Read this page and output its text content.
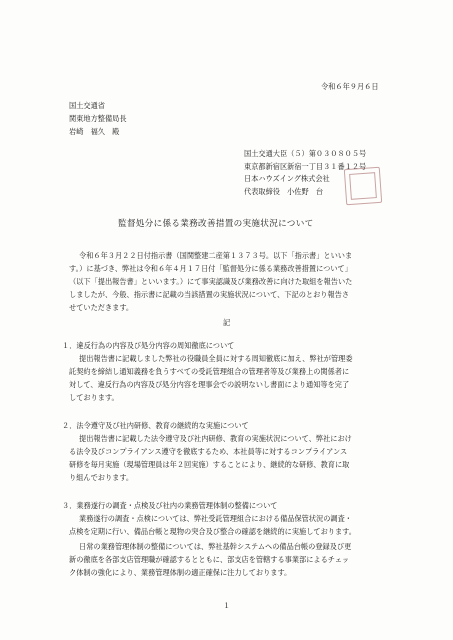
令和６年９月６日
国土交通省
関東地方整備局長
岩崎　福久　殿
国土交通大臣（５）第０３０８０５号
東京都新宿区新宿一丁目３１番１２号
日本ハウズイング株式会社
代表取締役　小佐野　台
監督処分に係る業務改善措置の実施状況について
令和６年３月２２日付指示書（国関整建二産第１３７３号。以下「指示書」といいま
す。）に基づき、弊社は令和６年４月１７日付「監督処分に係る業務改善措置について」
（以下「提出報告書」といいます。）にて事実認識及び業務改善に向けた取組を報告いた
しましたが、今般、指示書に記載の当該措置の実施状況について、下記のとおり報告さ
せていただきます。
記
１．違反行為の内容及び処分内容の周知徹底について
提出報告書に記載しました弊社の役職員全員に対する周知徹底に加え、弊社が管理委
託契約を締結し通知義務を負うすべての受託管理組合の管理者等及び業務上の関係者に
対して、違反行為の内容及び処分内容を理事会での説明ないし書面により通知等を完了
しております。
２．法令遵守及び社内研修、教育の継続的な実施について
提出報告書に記載した法令遵守及び社内研修、教育の実施状況について、弊社におけ
る法令及びコンプライアンス遵守を徹底するため、本社員等に対するコンプライアンス
研修を毎月実施（現場管理員は年２回実施）することにより、継続的な研修、教育に取
り組んでおります。
３．業務遂行の調査・点検及び社内の業務管理体制の整備について
業務遂行の調査・点検については、弊社受託管理組合における備品保管状況の調査・
点検を定期に行い、備品台帳と現物の突合及び整合の確認を継続的に実施しております。
日常の業務管理体制の整備については、弊社基幹システムへの備品台帳の登録及び更
新の徹底を各部支店管理職が確認するとともに、部支店を管轄する事業部によるチェッ
ク体制の強化により、業務管理体制の適正確保に注力しております。
１
